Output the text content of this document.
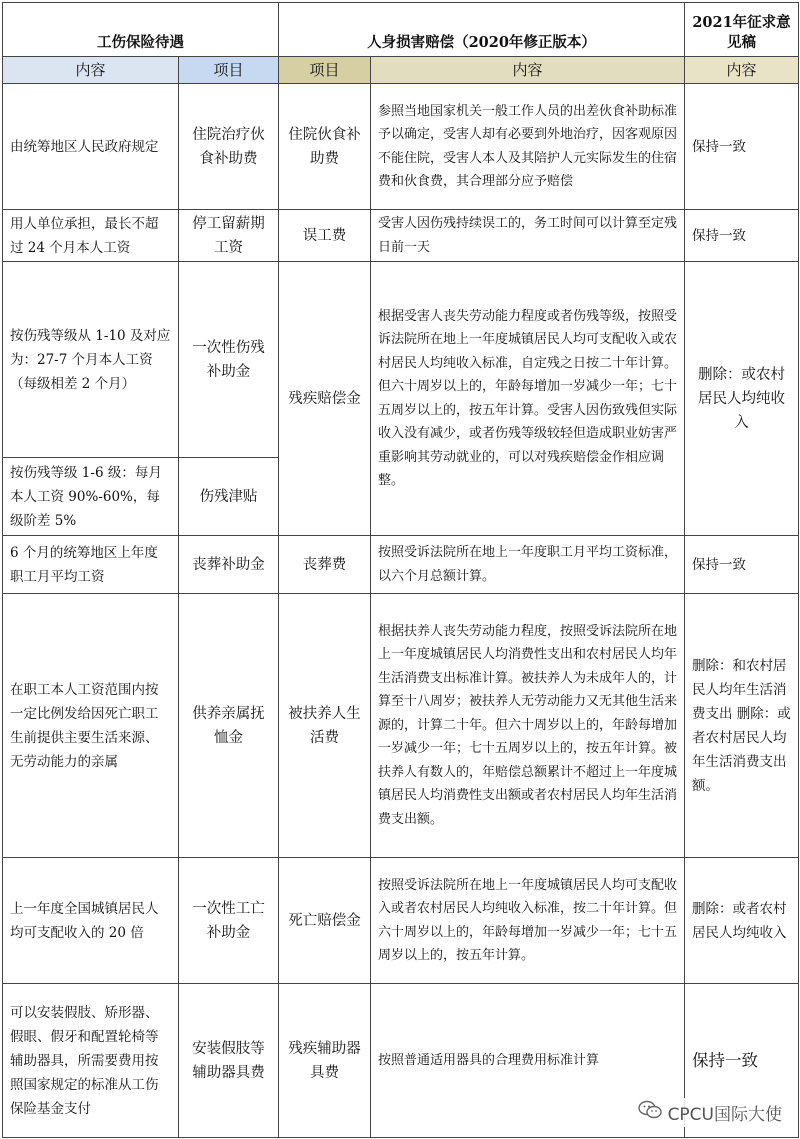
工伤保险待遇		人身损害赔偿（2020年修正版本）		2021年征求意见稿
内容	项目	项目	内容	内容
由统筹地区人民政府规定	住院治疗伙食补助费	住院伙食补助费	参照当地国家机关一般工作人员的出差伙食补助标准予以确定，受害人却有必要到外地治疗，因客观原因不能住院，受害人本人及其陪护人元实际发生的住宿费和伙食费，其合理部分应予赔偿	保持一致
用人单位承担，最长不超过 24 个月本人工资	停工留薪期工资	误工费	受害人因伤残持续误工的，务工时间可以计算至定残日前一天	保持一致
按伤残等级从 1-10 及对应为：27-7 个月本人工资（每级相差 2 个月）	一次性伤残补助金	残疾赔偿金	根据受害人丧失劳动能力程度或者伤残等级，按照受诉法院所在地上一年度城镇居民人均可支配收入或农村居民人均纯收入标准，自定残之日按二十年计算。但六十周岁以上的，年龄每增加一岁减少一年；七十五周岁以上的，按五年计算。受害人因伤致残但实际收入没有减少，或者伤残等级较轻但造成职业妨害严重影响其劳动就业的，可以对残疾赔偿金作相应调整。	删除：或农村居民人均纯收入
按伤残等级 1-6 级：每月本人工资 90%-60%，每级阶差 5%	伤残津贴			
6 个月的统筹地区上年度职工月平均工资	丧葬补助金	丧葬费	按照受诉法院所在地上一年度职工月平均工资标准，以六个月总额计算。	保持一致
在职工本人工资范围内按一定比例发给因死亡职工生前提供主要生活来源、无劳动能力的亲属	供养亲属抚恤金	被扶养人生活费	根据扶养人丧失劳动能力程度，按照受诉法院所在地上一年度城镇居民人均消费性支出和农村居民人均年生活消费支出标准计算。被扶养人为未成年人的，计算至十八周岁；被扶养人无劳动能力又无其他生活来源的，计算二十年。但六十周岁以上的，年龄每增加一岁减少一年；七十五周岁以上的，按五年计算。被扶养人有数人的，年赔偿总额累计不超过上一年度城镇居民人均消费性支出额或者农村居民人均年生活消费支出额。	删除：和农村居民人均年生活消费支出 删除：或者农村居民人均年生活消费支出额。
上一年度全国城镇居民人均可支配收入的 20 倍	一次性工亡补助金	死亡赔偿金	按照受诉法院所在地上一年度城镇居民人均可支配收入或者农村居民人均纯收入标准，按二十年计算。但六十周岁以上的，年龄每增加一岁减少一年；七十五周岁以上的，按五年计算。	删除：或者农村居民人均纯收入
可以安装假肢、矫形器、假眼、假牙和配置轮椅等辅助器具，所需要费用按照国家规定的标准从工伤保险基金支付	安装假肢等辅助器具费	残疾辅助器具费	按照普通适用器具的合理费用标准计算	保持一致
CPCU国际大使
